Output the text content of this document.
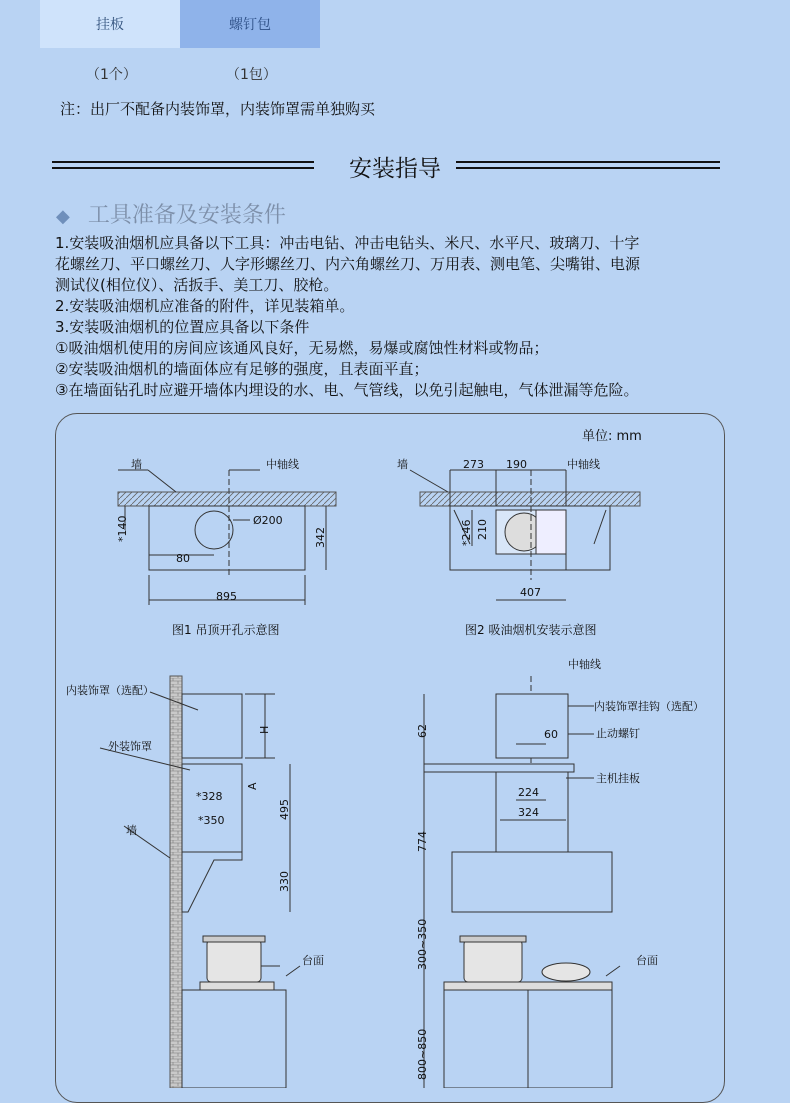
挂板	螺钉包
（1个）	（1包）
注：出厂不配备内装饰罩，内装饰罩需单独购买
安装指导
◆ 工具准备及安装条件
1.安装吸油烟机应具备以下工具：冲击电钻、冲击电钻头、米尺、水平尺、玻璃刀、十字
花螺丝刀、平口螺丝刀、人字形螺丝刀、内六角螺丝刀、万用表、测电笔、尖嘴钳、电源
测试仪(相位仪）、活扳手、美工刀、胶枪。
2.安装吸油烟机应准备的附件，详见装箱单。
3.安装吸油烟机的位置应具备以下条件
①吸油烟机使用的房间应该通风良好，无易燃，易爆或腐蚀性材料或物品；
②安装吸油烟机的墙面体应有足够的强度，且表面平直；
③在墙面钻孔时应避开墙体内埋设的水、电、气管线，以免引起触电，气体泄漏等危险。
单位: mm
墙	中轴线
Ø200
80
895
*140	342
图1 吊顶开孔示意图
墙	中轴线
273 190
407
*246 210
图2 吸油烟机安装示意图
内装饰罩（选配）
外装饰罩
墙
台面
*328
*350
H
A
495
330
中轴线
内装饰罩挂钩（选配）
止动螺钉
主机挂板
台面
60
224
324
62
774
300~350
800~850
